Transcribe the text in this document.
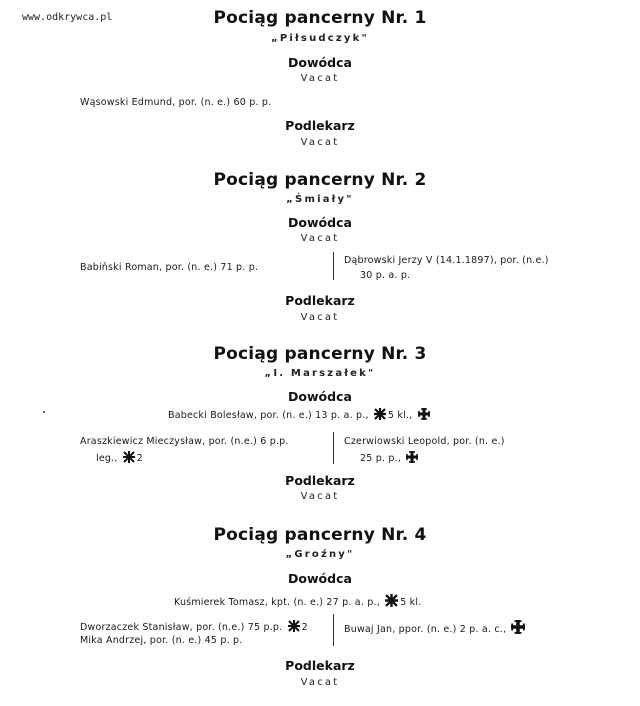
www.odkrywca.pl	Pociąg pancerny Nr. 1
„Piłsudczyk"
Dowódca
Vacat
Wąsowski Edmund, por. (n. e.) 60 p. p.
Podlekarz
Vacat
Pociąg pancerny Nr. 2
„Śmiały"
Dowódca
Vacat
Babiński Roman, por. (n. e.) 71 p. p.
Dąbrowski Jerzy V (14.1.1897), por. (n.e.)
30 p. a. p.
Podlekarz
Vacat
Pociąg pancerny Nr. 3
„I. Marszałek"
Dowódca
Babecki Bolesław, por. (n. e.) 13 p. a. p., 5 kl.,
Araszkiewicz Mieczysław, por. (n.e.) 6 p.p.
leg., 2
Czerwiowski Leopold, por. (n. e.)
25 p. p.,
Podlekarz
Vacat
Pociąg pancerny Nr. 4
„Groźny"
Dowódca
Kuśmierek Tomasz, kpt. (n. e.) 27 p. a. p., 5 kl.
Dworzaczek Stanisław, por. (n.e.) 75 p.p. 2
Mika Andrzej, por. (n. e.) 45 p. p.
Buwaj Jan, ppor. (n. e.) 2 p. a. c.,
Podlekarz
Vacat
